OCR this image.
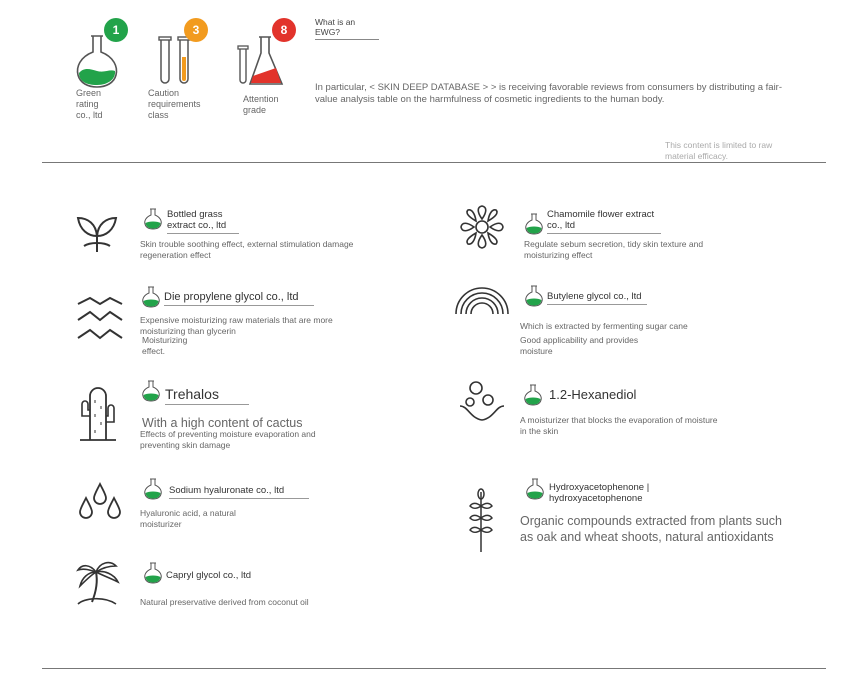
1
Green
rating
co., ltd
3
Caution
requirements
class
8
Attention
grade
What is an
EWG?
In particular, < SKIN DEEP DATABASE > > is receiving favorable reviews from consumers by distributing a fair-value analysis table on the harmfulness of cosmetic ingredients to the human body.
This content is limited to raw
material efficacy.
Bottled grass
extract co., ltd
Skin trouble soothing effect, external stimulation damage
regeneration effect
Die propylene glycol co., ltd
Expensive moisturizing raw materials that are more
moisturizing than glycerin
Moisturizing
effect.
Trehalos
With a high content of cactus
Effects of preventing moisture evaporation and
preventing skin damage
Sodium hyaluronate co., ltd
Hyaluronic acid, a natural
moisturizer
Capryl glycol co., ltd
Natural preservative derived from coconut oil
Chamomile flower extract
co., ltd
Regulate sebum secretion, tidy skin texture and
moisturizing effect
Butylene glycol co., ltd
Which is extracted by fermenting sugar cane
Good applicability and provides
moisture
1.2-Hexanediol
A moisturizer that blocks the evaporation of moisture
in the skin
Hydroxyacetophenone |
hydroxyacetophenone
Organic compounds extracted from plants such
as oak and wheat shoots, natural antioxidants
